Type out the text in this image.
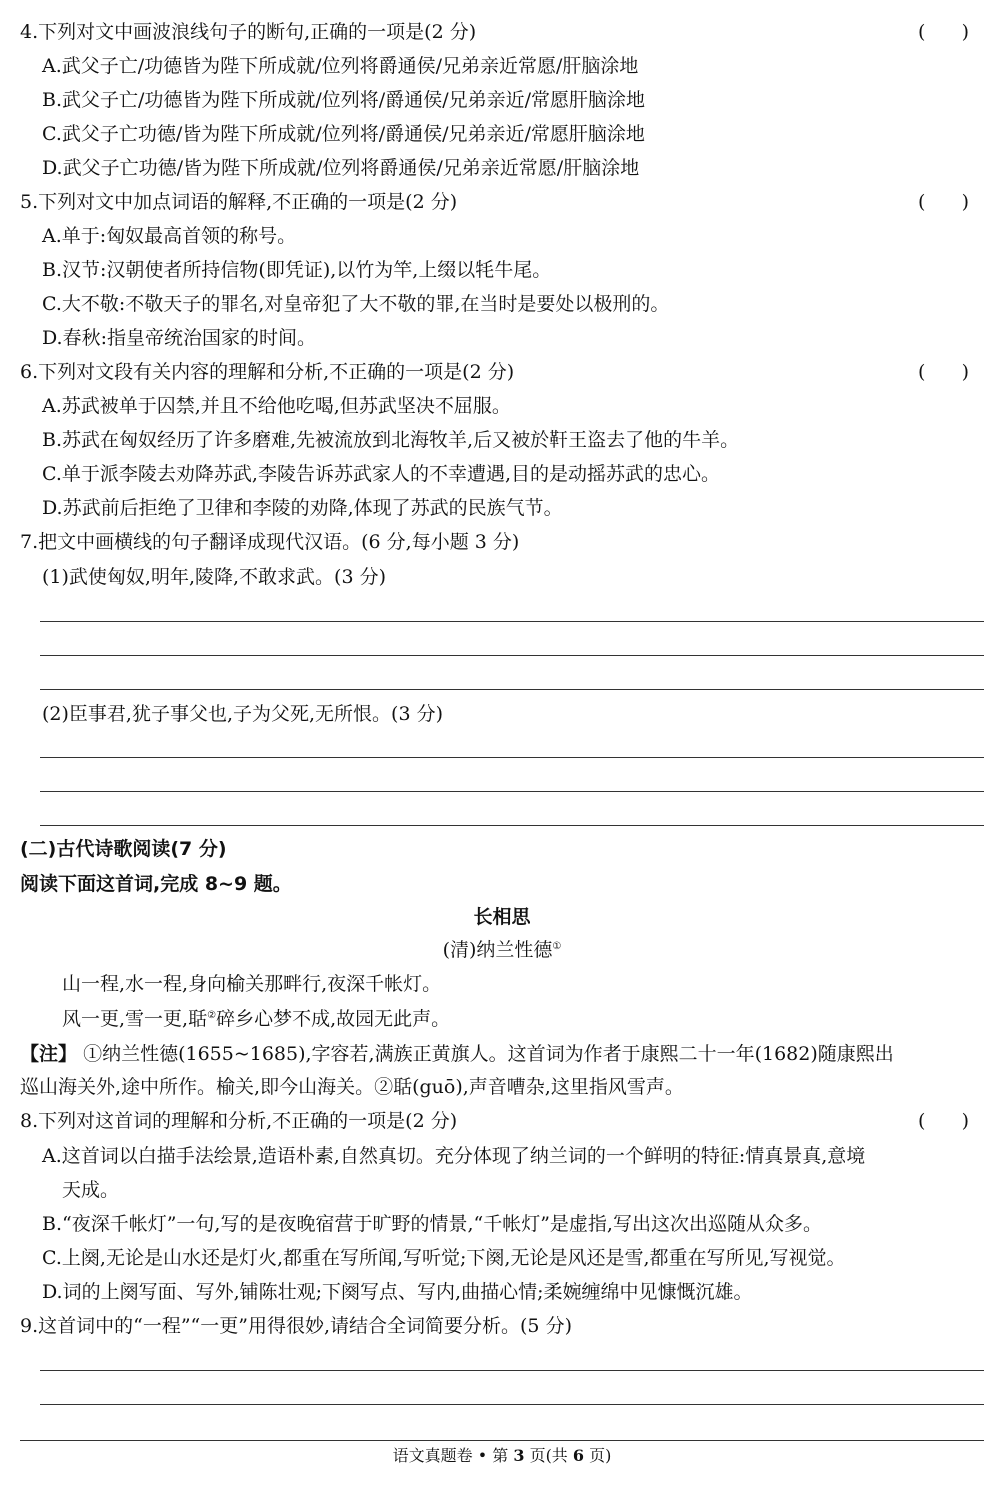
4.下列对文中画波浪线句子的断句,正确的一项是(2 分)	(      )
A.武父子亡/功德皆为陛下所成就/位列将爵通侯/兄弟亲近常愿/肝脑涂地
B.武父子亡/功德皆为陛下所成就/位列将/爵通侯/兄弟亲近/常愿肝脑涂地
C.武父子亡功德/皆为陛下所成就/位列将/爵通侯/兄弟亲近/常愿肝脑涂地
D.武父子亡功德/皆为陛下所成就/位列将爵通侯/兄弟亲近常愿/肝脑涂地
5.下列对文中加点词语的解释,不正确的一项是(2 分)	(      )
A.单于:匈奴最高首领的称号。
B.汉节:汉朝使者所持信物(即凭证),以竹为竿,上缀以牦牛尾。
C.大不敬:不敬天子的罪名,对皇帝犯了大不敬的罪,在当时是要处以极刑的。
D.春秋:指皇帝统治国家的时间。
6.下列对文段有关内容的理解和分析,不正确的一项是(2 分)	(      )
A.苏武被单于囚禁,并且不给他吃喝,但苏武坚决不屈服。
B.苏武在匈奴经历了许多磨难,先被流放到北海牧羊,后又被於靬王盗去了他的牛羊。
C.单于派李陵去劝降苏武,李陵告诉苏武家人的不幸遭遇,目的是动摇苏武的忠心。
D.苏武前后拒绝了卫律和李陵的劝降,体现了苏武的民族气节。
7.把文中画横线的句子翻译成现代汉语。(6 分,每小题 3 分)
(1)武使匈奴,明年,陵降,不敢求武。(3 分)
(2)臣事君,犹子事父也,子为父死,无所恨。(3 分)
(二)古代诗歌阅读(7 分)
阅读下面这首词,完成 8~9 题。
长相思
(清)纳兰性德①
山一程,水一程,身向榆关那畔行,夜深千帐灯。
风一更,雪一更,聒②碎乡心梦不成,故园无此声。
【注】 ①纳兰性德(1655~1685),字容若,满族正黄旗人。这首词为作者于康熙二十一年(1682)随康熙出
巡山海关外,途中所作。榆关,即今山海关。②聒(guō),声音嘈杂,这里指风雪声。
8.下列对这首词的理解和分析,不正确的一项是(2 分)	(      )
A.这首词以白描手法绘景,造语朴素,自然真切。充分体现了纳兰词的一个鲜明的特征:情真景真,意境
天成。
B.“夜深千帐灯”一句,写的是夜晚宿营于旷野的情景,“千帐灯”是虚指,写出这次出巡随从众多。
C.上阕,无论是山水还是灯火,都重在写所闻,写听觉;下阕,无论是风还是雪,都重在写所见,写视觉。
D.词的上阕写面、写外,铺陈壮观;下阕写点、写内,曲描心情;柔婉缠绵中见慷慨沉雄。
9.这首词中的“一程”“一更”用得很妙,请结合全词简要分析。(5 分)
语文真题卷 • 第 3 页(共 6 页)
